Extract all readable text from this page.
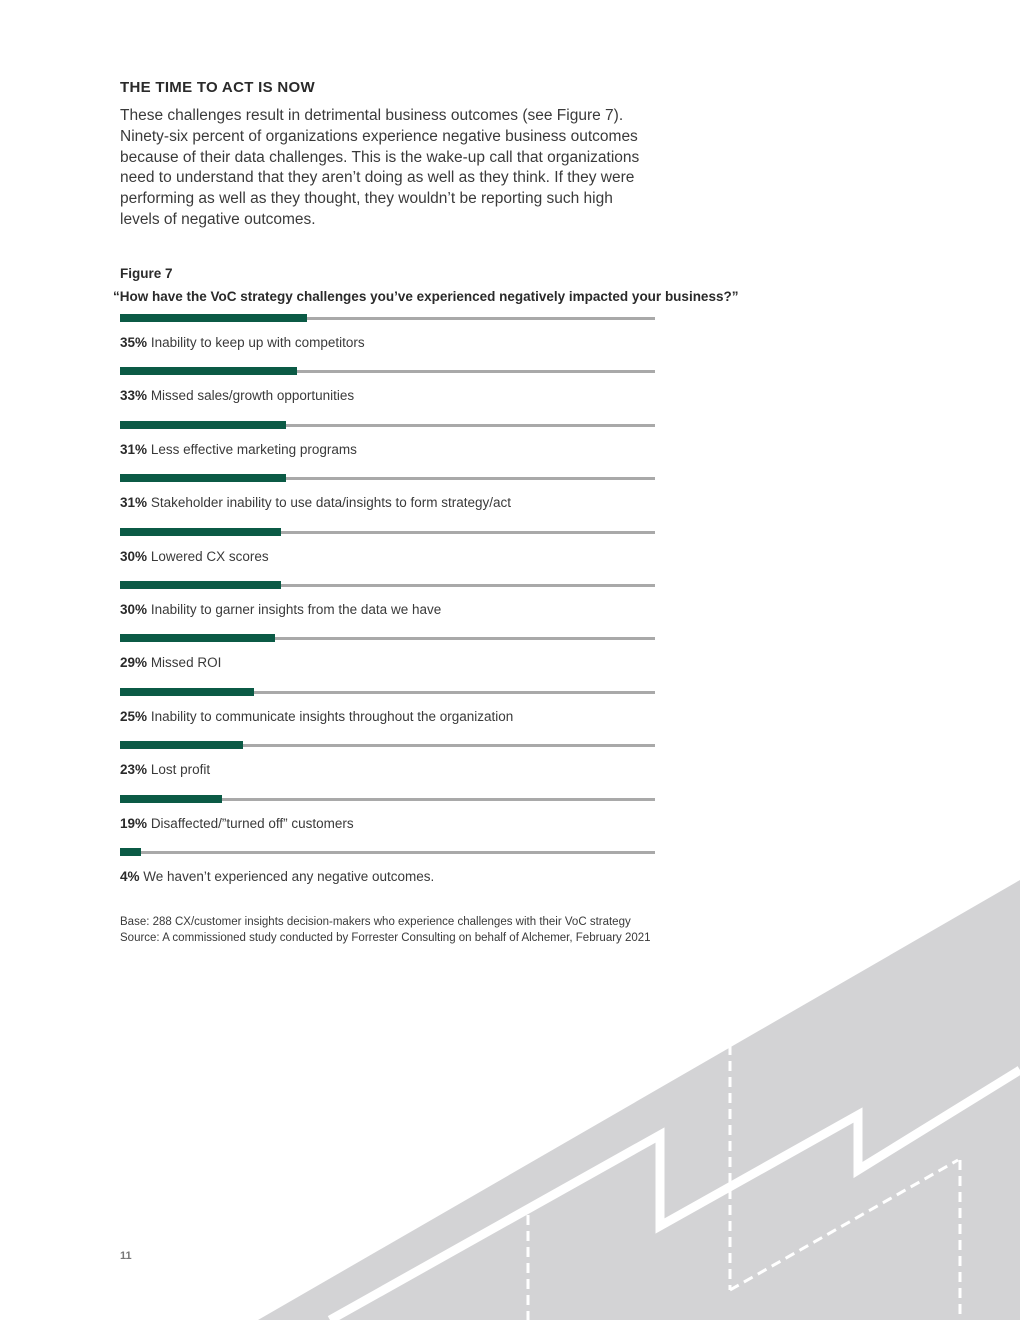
THE TIME TO ACT IS NOW

These challenges result in detrimental business outcomes (see Figure 7). Ninety-six percent of organizations experience negative business outcomes because of their data challenges. This is the wake-up call that organizations need to understand that they aren’t doing as well as they think. If they were performing as well as they thought, they wouldn’t be reporting such high levels of negative outcomes.

Figure 7
“How have the VoC strategy challenges you’ve experienced negatively impacted your business?”
35% Inability to keep up with competitors
33% Missed sales/growth opportunities
31% Less effective marketing programs
31% Stakeholder inability to use data/insights to form strategy/act
30% Lowered CX scores
30% Inability to garner insights from the data we have
29% Missed ROI
25% Inability to communicate insights throughout the organization
23% Lost profit
19% Disaffected/”turned off” customers
4% We haven’t experienced any negative outcomes.
Base: 288 CX/customer insights decision-makers who experience challenges with their VoC strategy
Source: A commissioned study conducted by Forrester Consulting on behalf of Alchemer, February 2021
11
